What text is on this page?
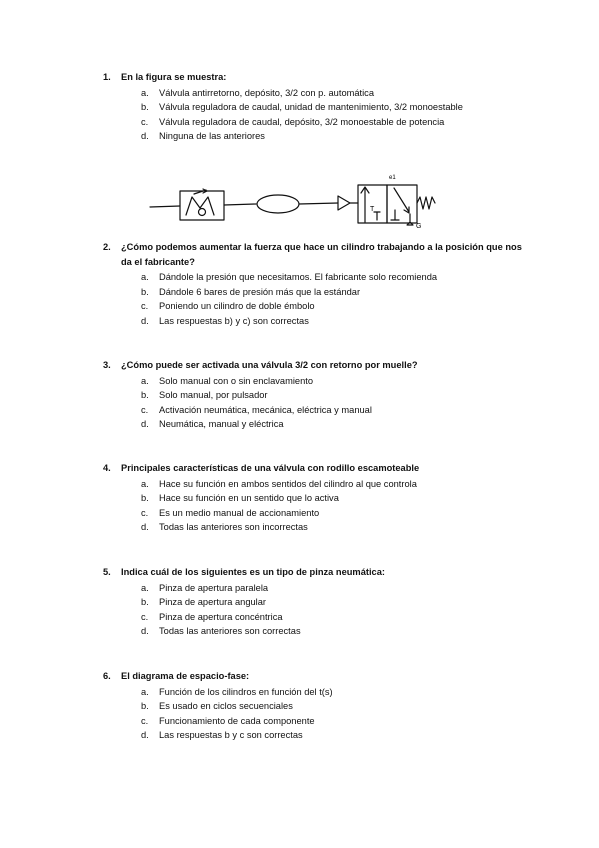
1.	En la figura se muestra:
a.	Válvula antirretorno, depósito, 3/2 con p. automática
b.	Válvula reguladora de caudal, unidad de mantenimiento, 3/2 monoestable
c.	Válvula reguladora de caudal, depósito, 3/2 monoestable de potencia
d.	Ninguna de las anteriores
e1
T
G
2.	¿Cómo podemos aumentar la fuerza que hace un cilindro trabajando a la posición que nos da el fabricante?
a.	Dándole la presión que necesitamos. El fabricante solo recomienda
b.	Dándole 6 bares de presión más que la estándar
c.	Poniendo un cilindro de doble émbolo
d.	Las respuestas b) y c) son correctas
3.	¿Cómo puede ser activada una válvula 3/2 con retorno por muelle?
a.	Solo manual con o sin enclavamiento
b.	Solo manual, por pulsador
c.	Activación neumática, mecánica, eléctrica y manual
d.	Neumática, manual y eléctrica
4.	Principales características de una válvula con rodillo escamoteable
a.	Hace su función en ambos sentidos del cilindro al que controla
b.	Hace su función en un sentido que lo activa
c.	Es un medio manual de accionamiento
d.	Todas las anteriores son incorrectas
5.	Indica cuál de los siguientes es un tipo de pinza neumática:
a.	Pinza de apertura paralela
b.	Pinza de apertura angular
c.	Pinza de apertura concéntrica
d.	Todas las anteriores son correctas
6.	El diagrama de espacio-fase:
a.	Función de los cilindros en función del t(s)
b.	Es usado en ciclos secuenciales
c.	Funcionamiento de cada componente
d.	Las respuestas b y c son correctas
